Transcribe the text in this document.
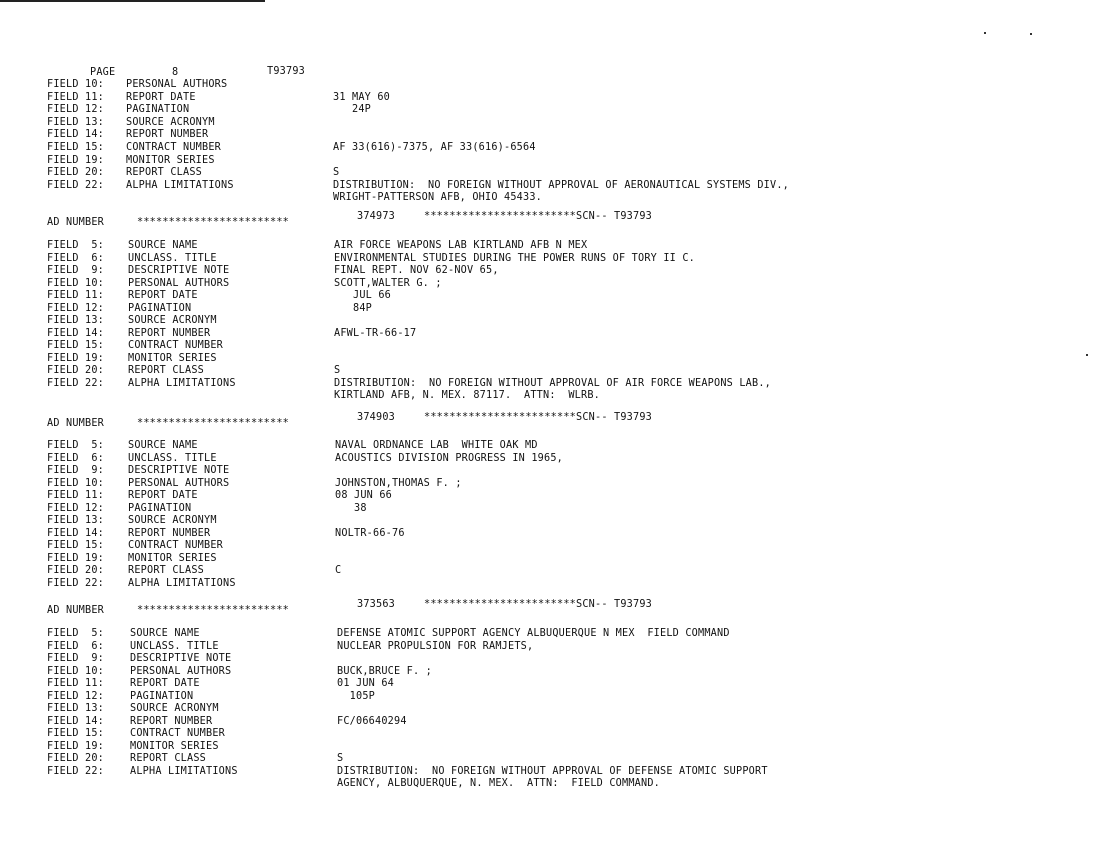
PAGE	8	T93793
FIELD 10: PERSONAL AUTHORS
FIELD 11: REPORT DATE	31 MAY 60
FIELD 12: PAGINATION	24P
FIELD 13: SOURCE ACRONYM
FIELD 14: REPORT NUMBER
FIELD 15: CONTRACT NUMBER	AF 33(616)-7375, AF 33(616)-6564
FIELD 19: MONITOR SERIES
FIELD 20: REPORT CLASS	S
FIELD 22: ALPHA LIMITATIONS	DISTRIBUTION:  NO FOREIGN WITHOUT APPROVAL OF AERONAUTICAL SYSTEMS DIV.,
WRIGHT-PATTERSON AFB, OHIO 45433.
AD NUMBER	************************
374973	************************SCN-- T93793
FIELD  5: SOURCE NAME	AIR FORCE WEAPONS LAB KIRTLAND AFB N MEX
FIELD  6: UNCLASS. TITLE	ENVIRONMENTAL STUDIES DURING THE POWER RUNS OF TORY II C.
FIELD  9: DESCRIPTIVE NOTE	FINAL REPT. NOV 62-NOV 65,
FIELD 10: PERSONAL AUTHORS	SCOTT,WALTER G. ;
FIELD 11: REPORT DATE	JUL 66
FIELD 12: PAGINATION	84P
FIELD 13: SOURCE ACRONYM
FIELD 14: REPORT NUMBER	AFWL-TR-66-17
FIELD 15: CONTRACT NUMBER
FIELD 19: MONITOR SERIES
FIELD 20: REPORT CLASS	S
FIELD 22: ALPHA LIMITATIONS	DISTRIBUTION:  NO FOREIGN WITHOUT APPROVAL OF AIR FORCE WEAPONS LAB.,
KIRTLAND AFB, N. MEX. 87117.  ATTN:  WLRB.
AD NUMBER	************************
374903	************************SCN-- T93793
FIELD  5: SOURCE NAME	NAVAL ORDNANCE LAB  WHITE OAK MD
FIELD  6: UNCLASS. TITLE	ACOUSTICS DIVISION PROGRESS IN 1965,
FIELD  9: DESCRIPTIVE NOTE
FIELD 10: PERSONAL AUTHORS	JOHNSTON,THOMAS F. ;
FIELD 11: REPORT DATE	08 JUN 66
FIELD 12: PAGINATION	38
FIELD 13: SOURCE ACRONYM
FIELD 14: REPORT NUMBER	NOLTR-66-76
FIELD 15: CONTRACT NUMBER
FIELD 19: MONITOR SERIES
FIELD 20: REPORT CLASS	C
FIELD 22: ALPHA LIMITATIONS
AD NUMBER	************************
373563	************************SCN-- T93793
FIELD  5:	SOURCE NAME	DEFENSE ATOMIC SUPPORT AGENCY ALBUQUERQUE N MEX  FIELD COMMAND
FIELD  6:	UNCLASS. TITLE	NUCLEAR PROPULSION FOR RAMJETS,
FIELD  9:	DESCRIPTIVE NOTE
FIELD 10:	PERSONAL AUTHORS	BUCK,BRUCE F. ;
FIELD 11:	REPORT DATE	01 JUN 64
FIELD 12:	PAGINATION	105P
FIELD 13:	SOURCE ACRONYM
FIELD 14:	REPORT NUMBER	FC/06640294
FIELD 15:	CONTRACT NUMBER
FIELD 19:	MONITOR SERIES
FIELD 20:	REPORT CLASS	S
FIELD 22:	ALPHA LIMITATIONS	DISTRIBUTION:  NO FOREIGN WITHOUT APPROVAL OF DEFENSE ATOMIC SUPPORT
AGENCY, ALBUQUERQUE, N. MEX.  ATTN:  FIELD COMMAND.
